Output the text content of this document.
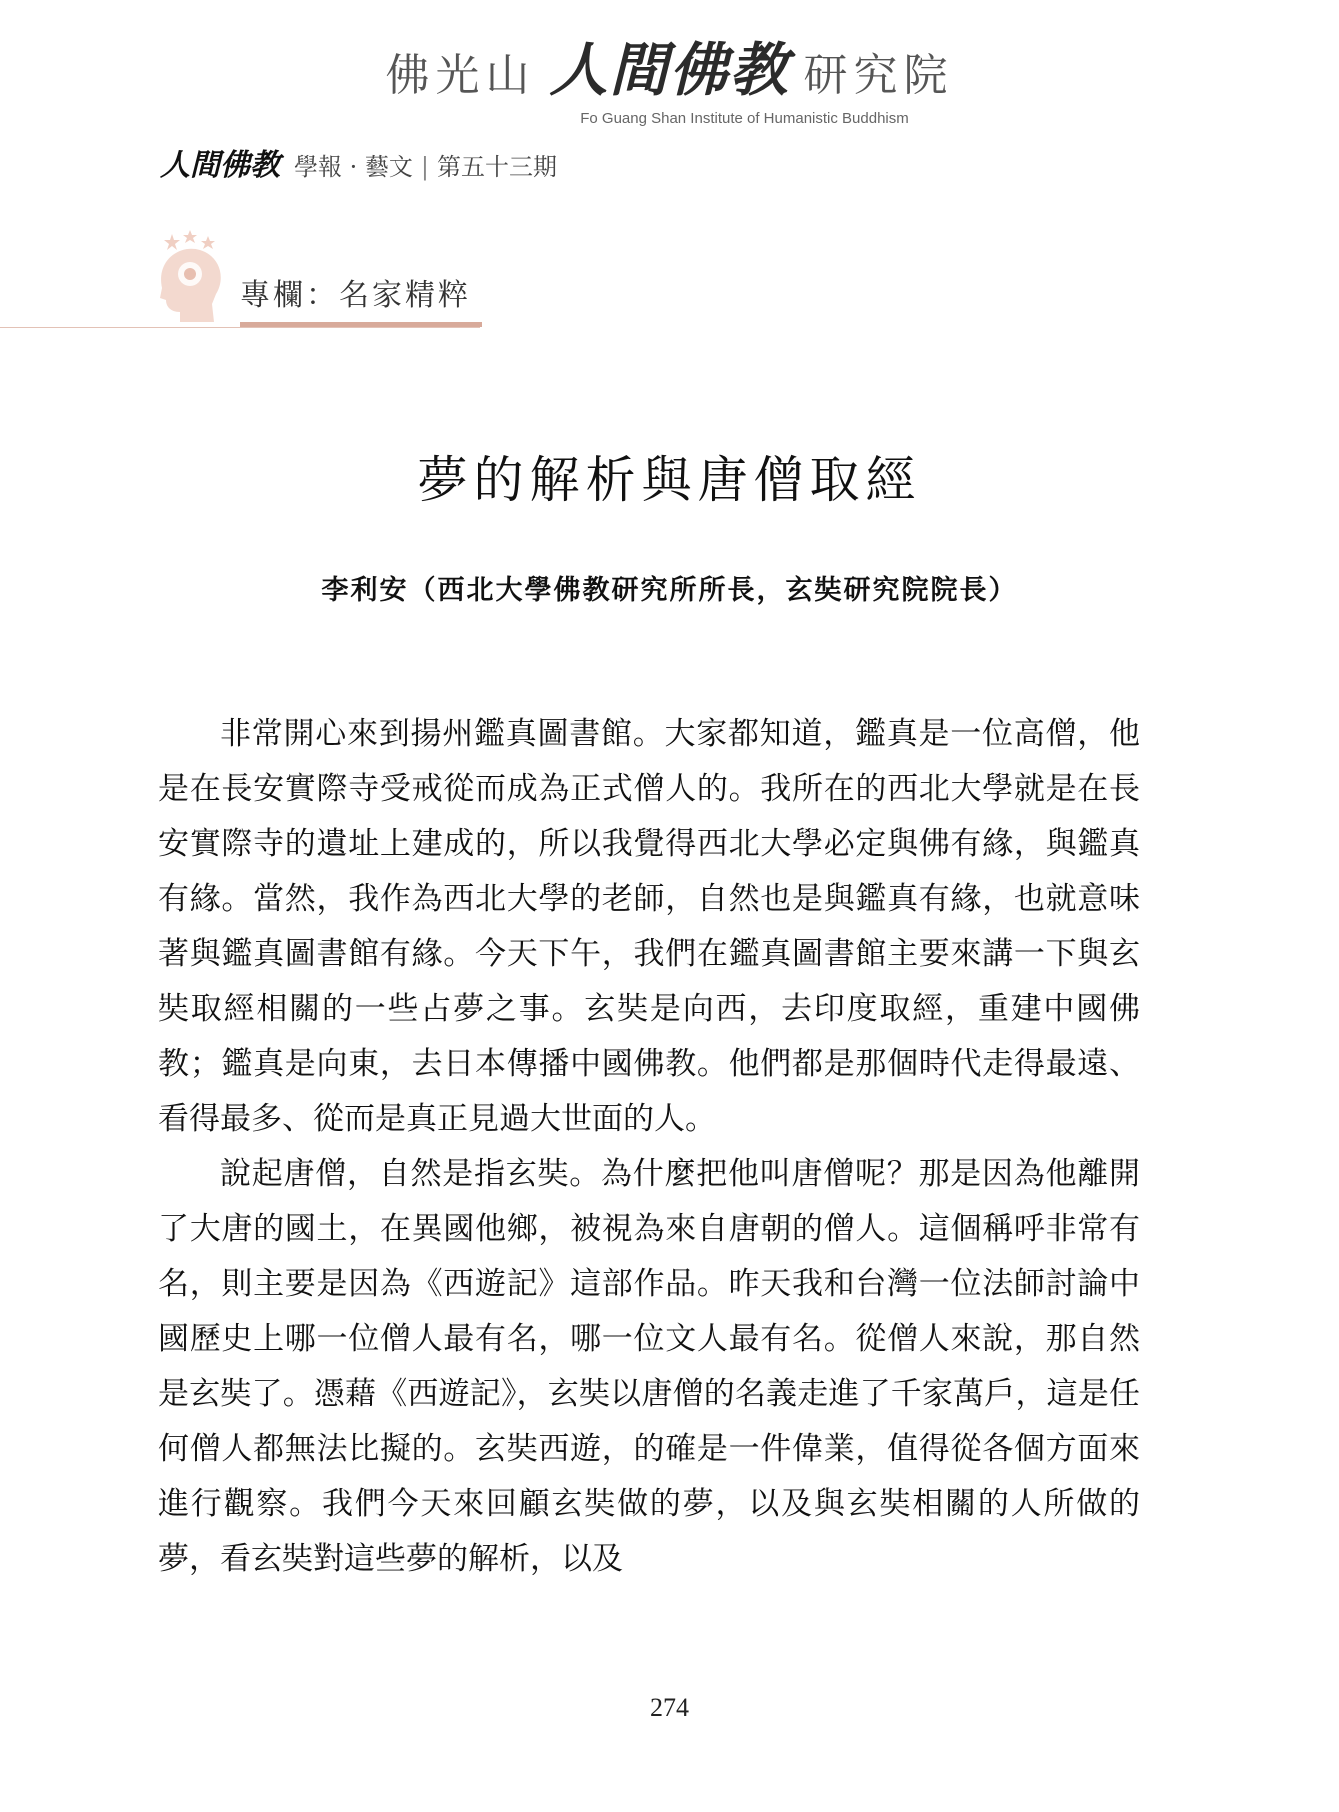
佛光山 人間佛教 研究院
Fo Guang Shan Institute of Humanistic Buddhism
人間佛教 學報 · 藝文 | 第五十三期
專欄：名家精粹
夢的解析與唐僧取經
李利安（西北大學佛教研究所所長，玄奘研究院院長）

非常開心來到揚州鑑真圖書館。大家都知道，鑑真是一位高僧，他是在長安實際寺受戒從而成為正式僧人的。我所在的西北大學就是在長安實際寺的遺址上建成的，所以我覺得西北大學必定與佛有緣，與鑑真有緣。當然，我作為西北大學的老師，自然也是與鑑真有緣，也就意味著與鑑真圖書館有緣。今天下午，我們在鑑真圖書館主要來講一下與玄奘取經相關的一些占夢之事。玄奘是向西，去印度取經，重建中國佛教；鑑真是向東，去日本傳播中國佛教。他們都是那個時代走得最遠、看得最多、從而是真正見過大世面的人。

說起唐僧，自然是指玄奘。為什麼把他叫唐僧呢？那是因為他離開了大唐的國土，在異國他鄉，被視為來自唐朝的僧人。這個稱呼非常有名，則主要是因為《西遊記》這部作品。昨天我和台灣一位法師討論中國歷史上哪一位僧人最有名，哪一位文人最有名。從僧人來說，那自然是玄奘了。憑藉《西遊記》，玄奘以唐僧的名義走進了千家萬戶，這是任何僧人都無法比擬的。玄奘西遊，的確是一件偉業，值得從各個方面來進行觀察。我們今天來回顧玄奘做的夢，以及與玄奘相關的人所做的夢，看玄奘對這些夢的解析，以及

274
